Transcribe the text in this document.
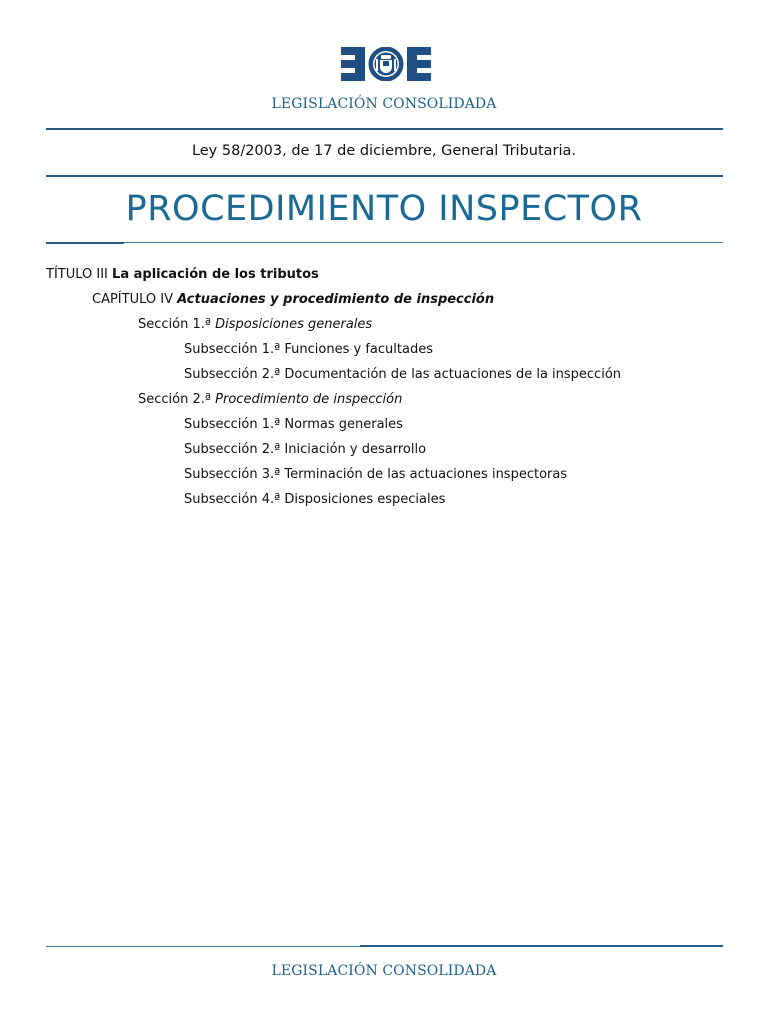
LEGISLACIÓN CONSOLIDADA
Ley 58/2003, de 17 de diciembre, General Tributaria.
PROCEDIMIENTO INSPECTOR
TÍTULO III La aplicación de los tributos
CAPÍTULO IV Actuaciones y procedimiento de inspección
Sección 1.ª Disposiciones generales
Subsección 1.ª Funciones y facultades
Subsección 2.ª Documentación de las actuaciones de la inspección
Sección 2.ª Procedimiento de inspección
Subsección 1.ª Normas generales
Subsección 2.ª Iniciación y desarrollo
Subsección 3.ª Terminación de las actuaciones inspectoras
Subsección 4.ª Disposiciones especiales
LEGISLACIÓN CONSOLIDADA
